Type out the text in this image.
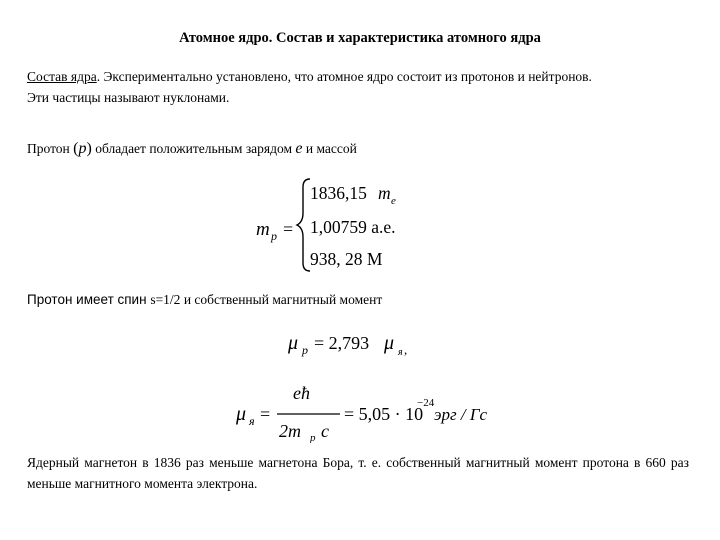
Атомное ядро. Состав и характеристика атомного ядра
Состав ядра. Экспериментально установлено, что атомное ядро состоит из протонов и нейтронов.
Эти частицы называют нуклонами.
Протон (p) обладает положительным зарядом e и массой
m p =
1836,15 m e
1,00759 а.е.
938, 28 М
Протон имеет спин s=1/2 и собственный магнитный момент
μ p = 2,793 μ я ,
μ я =
eħ
2m p c
= 5,05 · 10
−24
эрг / Гс
Ядерный магнетон в 1836 раз меньше магнетона Бора, т. е. собственный магнитный момент протона в 660 раз меньше магнитного момента электрона.
